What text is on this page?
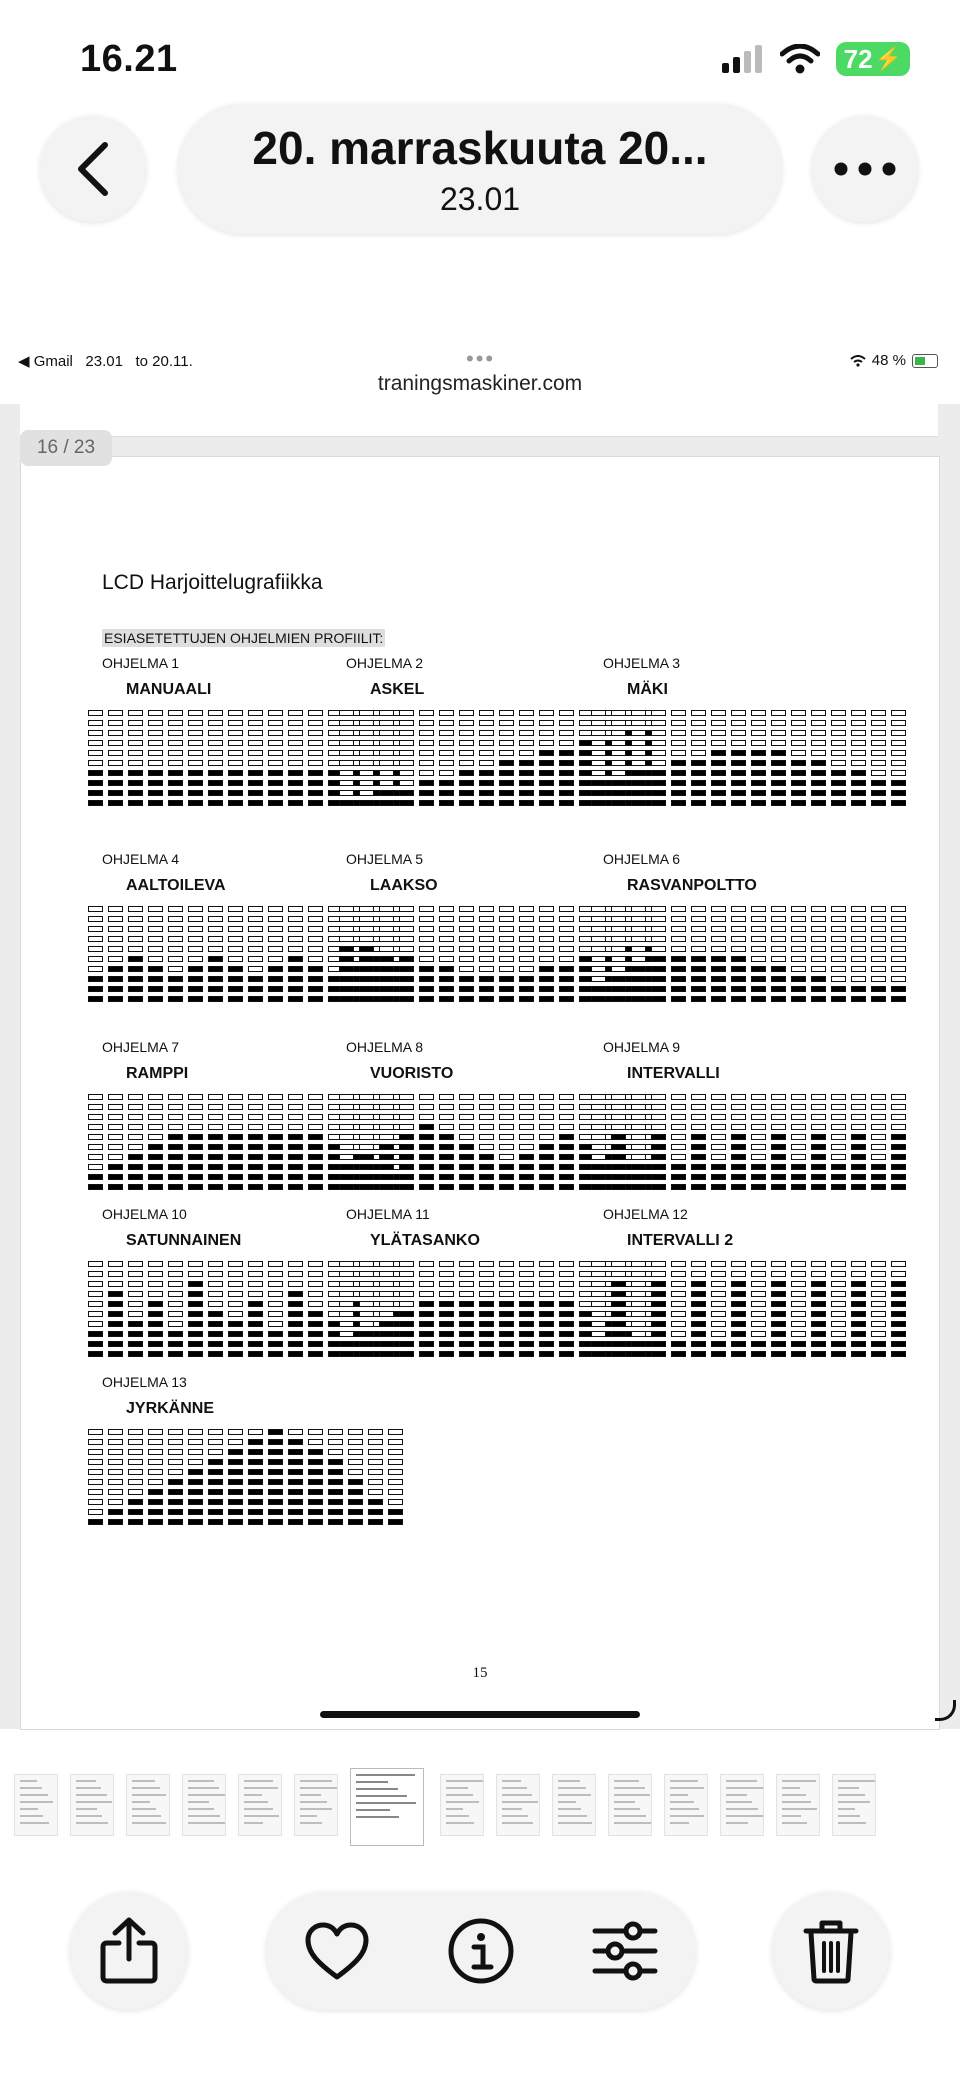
16.21	72 ⚡
20. marraskuuta 20...
23.01
◀ Gmail 23.01 to 20.11.	•••	48 %
traningsmaskiner.com
LCD Harjoittelugrafiikka
ESIASETETTUJEN OHJELMIEN PROFIILIT:
15
OHJELMA 1
MANUAALI
OHJELMA 2
ASKEL
OHJELMA 3
MÄKI
OHJELMA 4
AALTOILEVA
OHJELMA 5
LAAKSO
OHJELMA 6
RASVANPOLTTO
OHJELMA 7
RAMPPI
OHJELMA 8
VUORISTO
OHJELMA 9
INTERVALLI
OHJELMA 10
SATUNNAINEN
OHJELMA 11
YLÄTASANKO
OHJELMA 12
INTERVALLI 2
OHJELMA 13
JYRKÄNNE
16 / 23
